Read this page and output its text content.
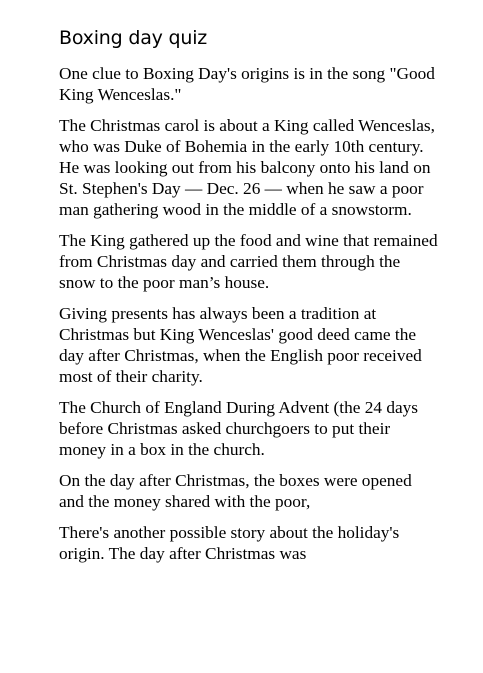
Boxing day quiz

One clue to Boxing Day's origins is in the song "Good King Wenceslas."

The Christmas carol is about a King called Wenceslas, who was Duke of Bohemia in the early 10th century. He was looking out from his balcony onto his land on St. Stephen's Day — Dec. 26 — when he saw a poor man gathering wood in the middle of a snowstorm.

The King gathered up the food and wine that remained from Christmas day and carried them through the snow to the poor man’s house.

Giving presents has always been a tradition at Christmas but King Wenceslas' good deed came the day after Christmas, when the English poor received most of their charity.

The Church of England During Advent (the 24 days before Christmas asked churchgoers to put their money in a box in the church.

On the day after Christmas, the boxes were opened and the money shared with the poor,

There's another possible story about the holiday's origin. The day after Christmas was
